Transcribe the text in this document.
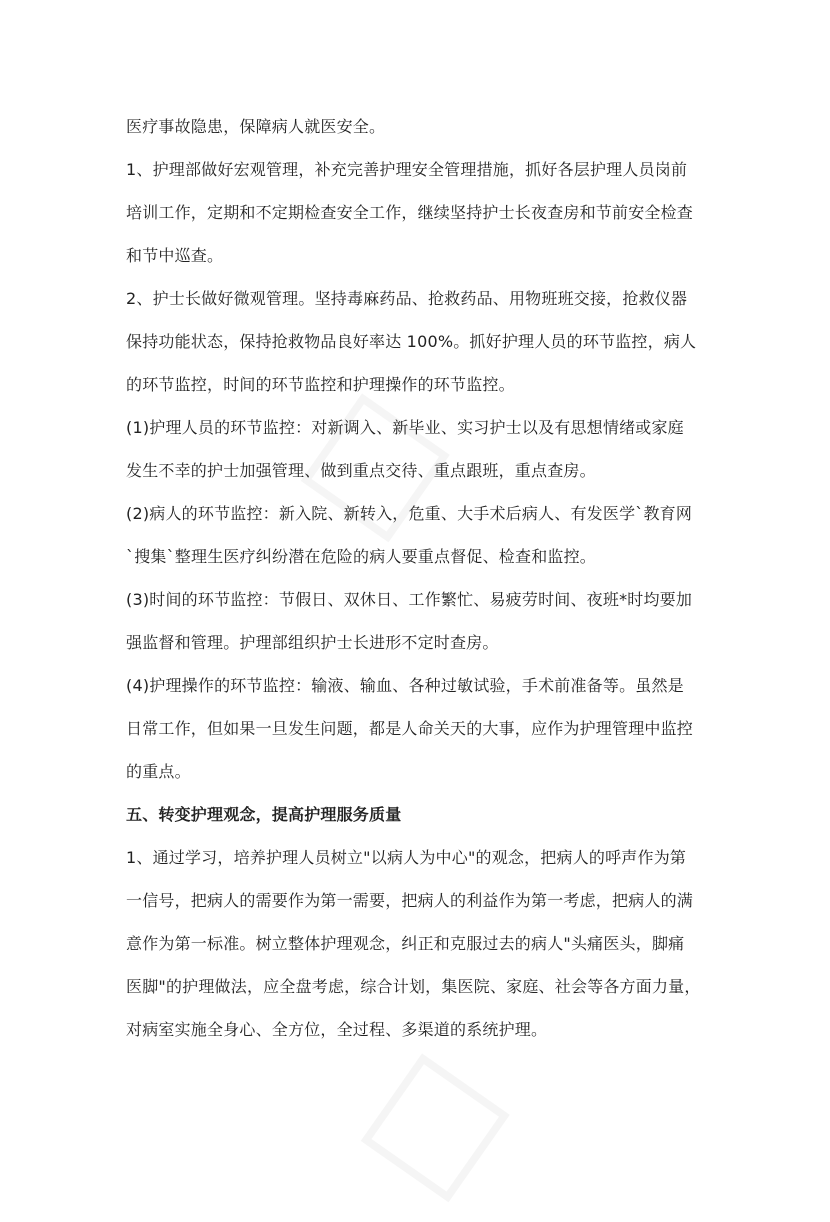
医疗事故隐患，保障病人就医安全。
1、护理部做好宏观管理，补充完善护理安全管理措施，抓好各层护理人员岗前
培训工作，定期和不定期检查安全工作，继续坚持护士长夜查房和节前安全检查
和节中巡查。
2、护士长做好微观管理。坚持毒麻药品、抢救药品、用物班班交接，抢救仪器
保持功能状态，保持抢救物品良好率达 100%。抓好护理人员的环节监控，病人
的环节监控，时间的环节监控和护理操作的环节监控。
(1)护理人员的环节监控：对新调入、新毕业、实习护士以及有思想情绪或家庭
发生不幸的护士加强管理、做到重点交待、重点跟班，重点查房。
(2)病人的环节监控：新入院、新转入，危重、大手术后病人、有发医学`教育网
`搜集`整理生医疗纠纷潜在危险的病人要重点督促、检查和监控。
(3)时间的环节监控：节假日、双休日、工作繁忙、易疲劳时间、夜班*时均要加
强监督和管理。护理部组织护士长进形不定时查房。
(4)护理操作的环节监控：输液、输血、各种过敏试验，手术前准备等。虽然是
日常工作，但如果一旦发生问题，都是人命关天的大事，应作为护理管理中监控
的重点。
五、转变护理观念，提高护理服务质量
1、通过学习，培养护理人员树立"以病人为中心"的观念，把病人的呼声作为第
一信号，把病人的需要作为第一需要，把病人的利益作为第一考虑，把病人的满
意作为第一标准。树立整体护理观念，纠正和克服过去的病人"头痛医头，脚痛
医脚"的护理做法，应全盘考虑，综合计划，集医院、家庭、社会等各方面力量，
对病室实施全身心、全方位，全过程、多渠道的系统护理。
